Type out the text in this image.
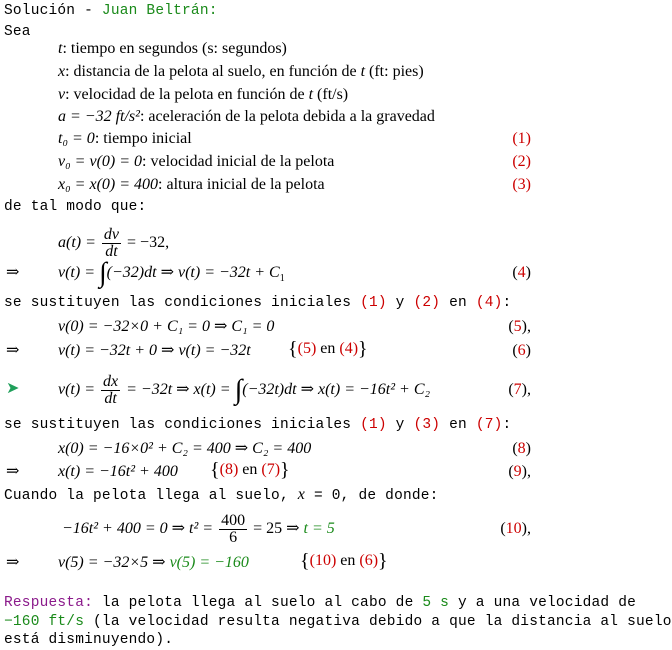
Solución - Juan Beltrán:
Sea
t: tiempo en segundos (s: segundos)
x: distancia de la pelota al suelo, en función de t (ft: pies)
v: velocidad de la pelota en función de t (ft/s)
a = −32 ft/s²: aceleración de la pelota debida a la gravedad
t₀ = 0: tiempo inicial	(1)
v₀ = v(0) = 0: velocidad inicial de la pelota	(2)
x₀ = x(0) = 400: altura inicial de la pelota	(3)
de tal modo que:
$a(t) = \frac{dv}{dt} = -32$,
⇒ v(t) = ∫(−32)dt ⇒ $v(t) = -32t + C_1$	(4)
se sustituyen las condiciones iniciales (1) y (2) en (4):
v(0) = −32×0 + C₁ = 0 ⇒ C₁ = 0	(5),
⇒ v(t) = −32t + 0 ⇒ v(t) = −32t {(5) en (4)}	(6)
➤ $v(t) = \frac{dx}{dt} = -32t$ ⇒ x(t) = ∫(−32t)dt ⇒ x(t) = −16t² + C₂	(7),
se sustituyen las condiciones iniciales (1) y (3) en (7):
x(0) = −16×0² + C₂ = 400 ⇒ C₂ = 400	(8)
⇒ x(t) = −16t² + 400 {(8) en (7)}	(9),
Cuando la pelota llega al suelo, x = 0, de donde:
−16t² + 400 = 0 ⇒ $t^2 = \frac{400}{6} = 25$ ⇒ t = 5	(10),
⇒ v(5) = −32×5 ⇒ v(5) = −160	{(10) en (6)}
Respuesta: la pelota llega al suelo al cabo de 5 s y a una velocidad de
−160 ft/s (la velocidad resulta negativa debido a que la distancia al suelo
está disminuyendo).
